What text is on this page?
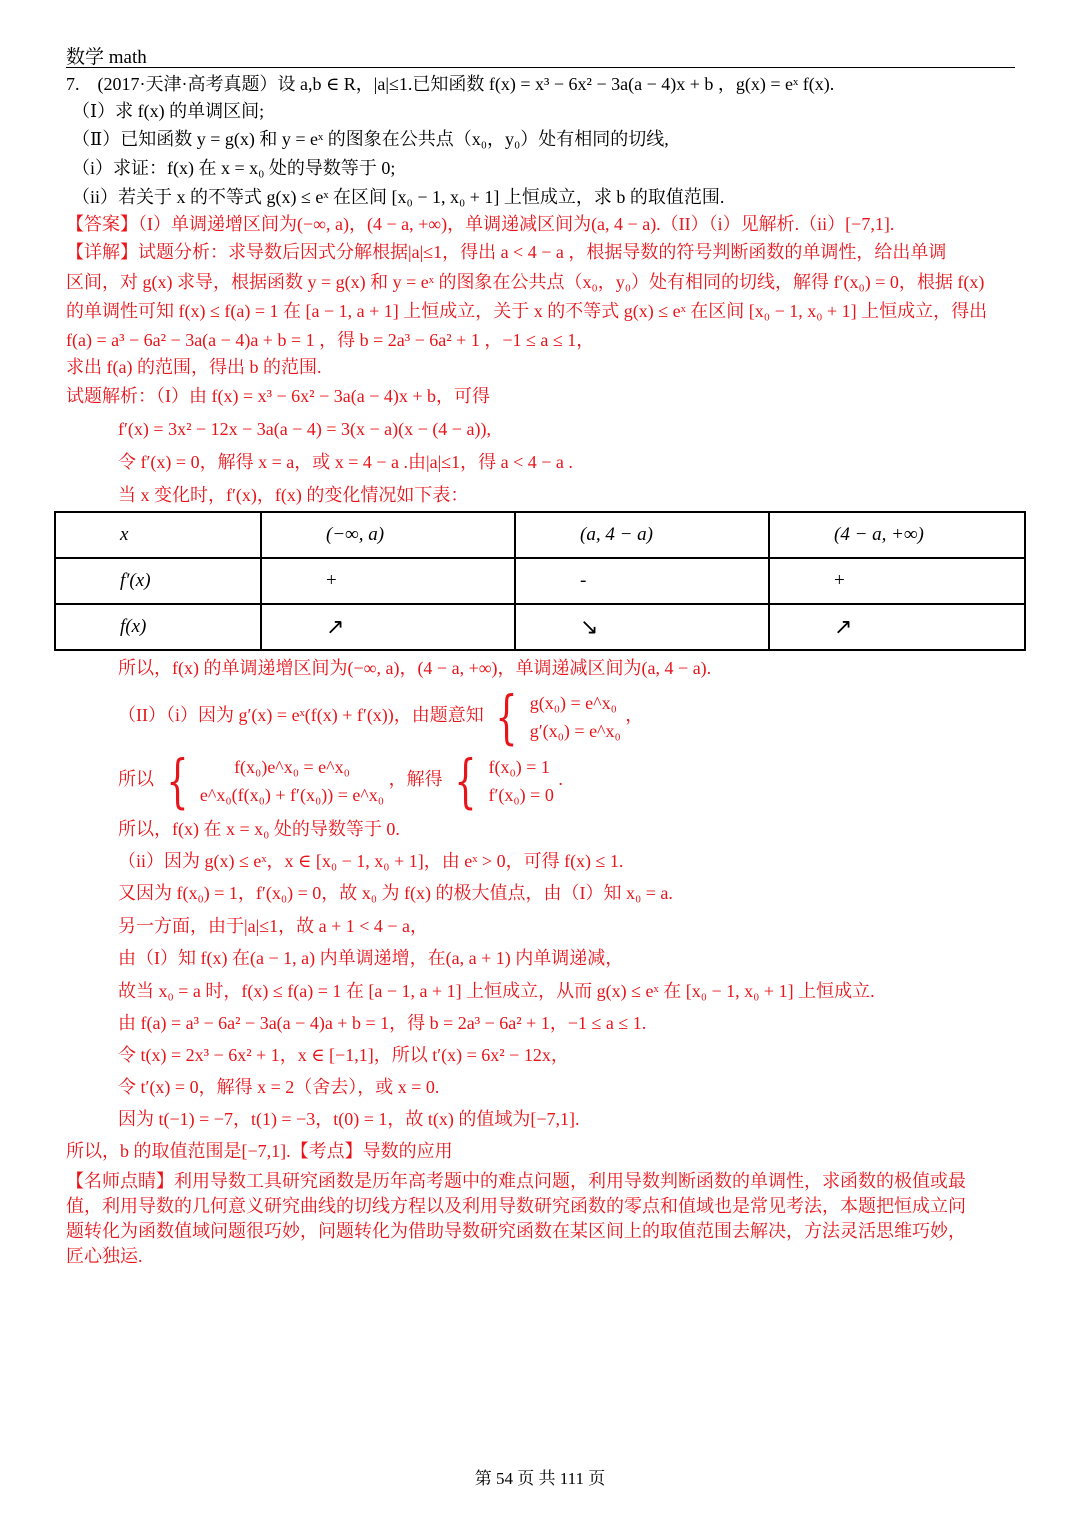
数学 math
7.　(2017·天津·高考真题）设 a,b ∈ R，|a|≤1.已知函数 f(x) = x³ − 6x² − 3a(a − 4)x + b ，g(x) = eˣ f(x).
（Ⅰ）求 f(x) 的单调区间;
（Ⅱ）已知函数 y = g(x) 和 y = eˣ 的图象在公共点（x₀，y₀）处有相同的切线,
（i）求证：f(x) 在 x = x₀ 处的导数等于 0;
（ii）若关于 x 的不等式 g(x) ≤ eˣ 在区间 [x₀ − 1, x₀ + 1] 上恒成立，求 b 的取值范围.
【答案】（I）单调递增区间为(−∞, a)，(4 − a, +∞)，单调递减区间为(a, 4 − a).（II）（i）见解析.（ii）[−7,1].
【详解】试题分析：求导数后因式分解根据|a|≤1，得出 a < 4 − a ，根据导数的符号判断函数的单调性，给出单调
区间，对 g(x) 求导，根据函数 y = g(x) 和 y = eˣ 的图象在公共点（x₀，y₀）处有相同的切线，解得 f′(x₀) = 0，根据 f(x)
的单调性可知 f(x) ≤ f(a) = 1 在 [a − 1, a + 1] 上恒成立，关于 x 的不等式 g(x) ≤ eˣ 在区间 [x₀ − 1, x₀ + 1] 上恒成立，得出
f(a) = a³ − 6a² − 3a(a − 4)a + b = 1 ，得 b = 2a³ − 6a² + 1 ，−1 ≤ a ≤ 1，
求出 f(a) 的范围，得出 b 的范围.
试题解析：（I）由 f(x) = x³ − 6x² − 3a(a − 4)x + b，可得
f′(x) = 3x² − 12x − 3a(a − 4) = 3(x − a)(x − (4 − a)),
令 f′(x) = 0，解得 x = a，或 x = 4 − a .由|a|≤1，得 a < 4 − a .
当 x 变化时，f′(x)，f(x) 的变化情况如下表：
x	(−∞, a)	(a, 4 − a)	(4 − a, +∞)
f′(x)	+	-	+
f(x)	↗	↘	↗
所以，f(x) 的单调递增区间为(−∞, a)，(4 − a, +∞)，单调递减区间为(a, 4 − a).
（II）（i）因为 g′(x) = eˣ(f(x) + f′(x))，由题意知 { g(x₀) = e^x₀
g′(x₀) = e^x₀ ，
所以 {	f(x₀)e^x₀ = e^x₀
e^x₀(f(x₀) + f′(x₀)) = e^x₀ ，解得 { f(x₀) = 1
f′(x₀) = 0 .
所以，f(x) 在 x = x₀ 处的导数等于 0.
（ii）因为 g(x) ≤ eˣ，x ∈ [x₀ − 1, x₀ + 1]，由 eˣ > 0，可得 f(x) ≤ 1.
又因为 f(x₀) = 1，f′(x₀) = 0，故 x₀ 为 f(x) 的极大值点，由（I）知 x₀ = a.
另一方面，由于|a|≤1，故 a + 1 < 4 − a，
由（I）知 f(x) 在(a − 1, a) 内单调递增，在(a, a + 1) 内单调递减，
故当 x₀ = a 时，f(x) ≤ f(a) = 1 在 [a − 1, a + 1] 上恒成立，从而 g(x) ≤ eˣ 在 [x₀ − 1, x₀ + 1] 上恒成立.
由 f(a) = a³ − 6a² − 3a(a − 4)a + b = 1，得 b = 2a³ − 6a² + 1，−1 ≤ a ≤ 1.
令 t(x) = 2x³ − 6x² + 1，x ∈ [−1,1]，所以 t′(x) = 6x² − 12x，
令 t′(x) = 0，解得 x = 2（舍去），或 x = 0.
因为 t(−1) = −7，t(1) = −3，t(0) = 1，故 t(x) 的值域为[−7,1].
所以，b 的取值范围是[−7,1].【考点】导数的应用
【名师点睛】利用导数工具研究函数是历年高考题中的难点问题，利用导数判断函数的单调性，求函数的极值或最
值，利用导数的几何意义研究曲线的切线方程以及利用导数研究函数的零点和值域也是常见考法，本题把恒成立问
题转化为函数值域问题很巧妙，问题转化为借助导数研究函数在某区间上的取值范围去解决，方法灵活思维巧妙，
匠心独运.
第 54 页 共 111 页
